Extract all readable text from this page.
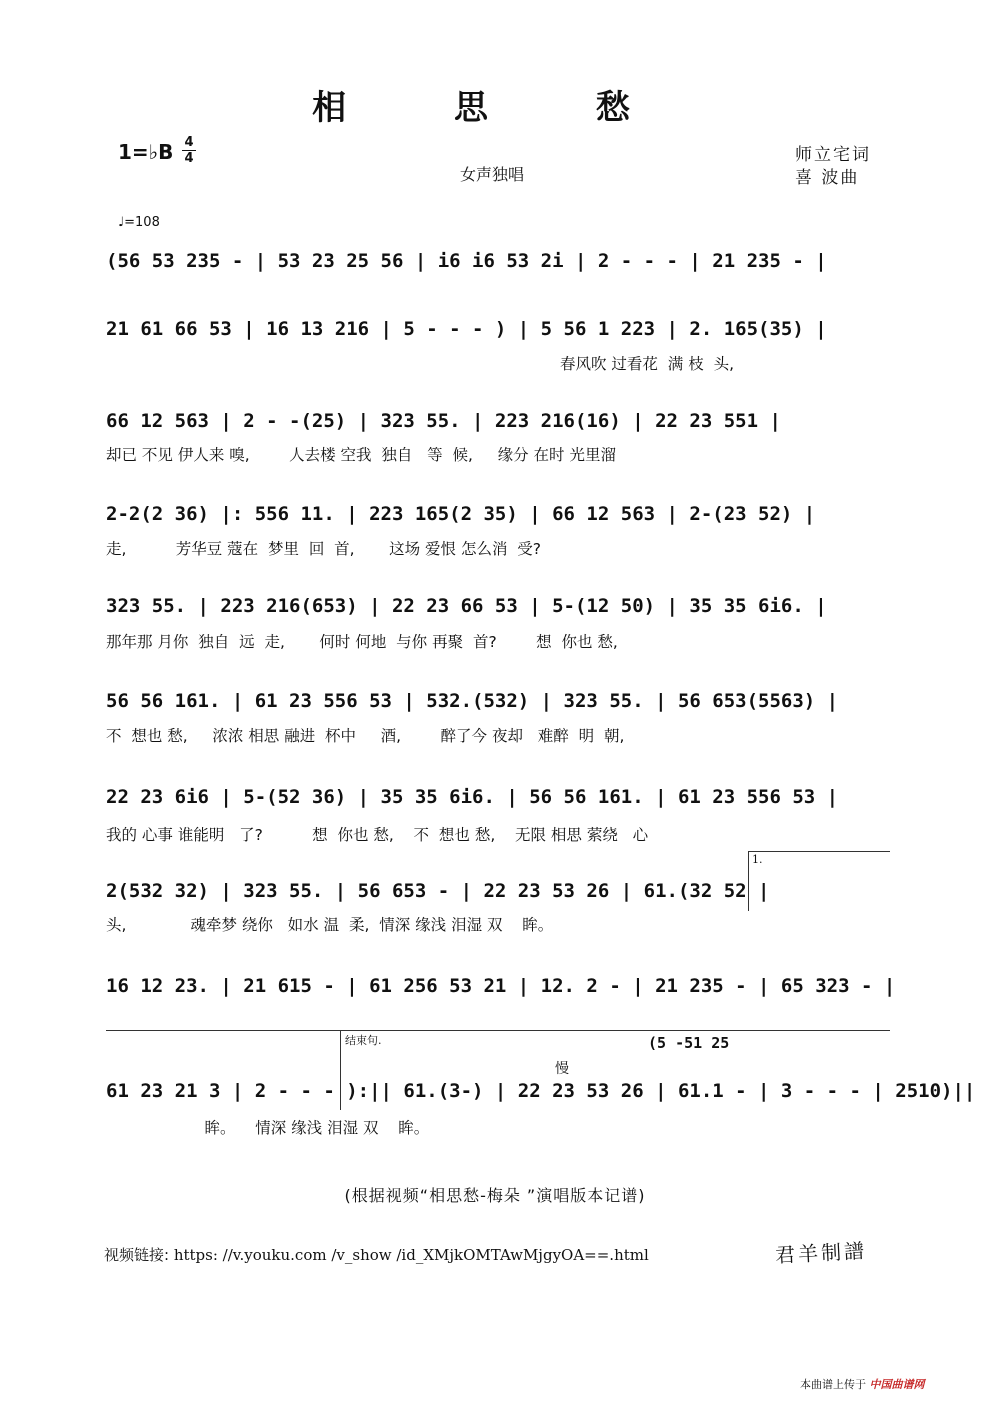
相 思 愁
1=♭B 4
4
女声独唱
师立宅词
喜 波曲
♩=108
(56 53 235 - | 53 23 25 56 | i6 i6 53 2i | 2 - - - | 21 235 - |
21 61 66 53 | 16 13 216 | 5 - - - ) | 5 56 1 223 | 2. 165(35) |
春风吹 过看花  满 枝  头,
66 12 563 | 2 - -(25) | 323 55. | 223 216(16) | 22 23 551 |
却已 不见 伊人来 嗅,        人去楼 空我  独自   等  候,     缘分 在时 光里溜
2-2(2 36) |: 556 11. | 223 165(2 35) | 66 12 563 | 2-(23 52) |
走,          芳华豆 蔻在  梦里  回  首,       这场 爱恨 怎么消  受?
323 55. | 223 216(653) | 22 23 66 53 | 5-(12 50) | 35 35 6i6. |
那年那 月你  独自  远  走,       何时 何地  与你 再聚  首?        想  你也 愁,
56 56 161. | 61 23 556 53 | 532.(532) | 323 55. | 56 653(5563) |
不  想也 愁,     浓浓 相思 融进  杯中     酒,        醉了今 夜却   难醉  明  朝,
22 23 6i6 | 5-(52 36) | 35 35 6i6. | 56 56 161. | 61 23 556 53 |
我的 心事 谁能明   了?          想  你也 愁,    不  想也 愁,    无限 相思 萦绕   心
1.
2(532 32) | 323 55. | 56 653 - | 22 23 53 26 | 61.(32 52 |
头,             魂牵梦 绕你   如水 温  柔,  情深 缘浅 泪湿 双    眸。
16 12 23. | 21 615 - | 61 256 53 21 | 12. 2 - | 21 235 - | 65 323 - |
结束句.	(5 -51 25
慢
61 23 21 3 | 2 - - - ):|| 61.(3-) | 22 23 53 26 | 61.1 - | 3 - - - | 2510)||
眸。    情深 缘浅 泪湿 双    眸。
(根据视频“相思愁-梅朵 ”演唱版本记谱)
视频链接: https: //v.youku.com /v_show /id_XMjkOMTAwMjgyOA==.html	君羊制譜
本曲谱上传于 中国曲谱网
